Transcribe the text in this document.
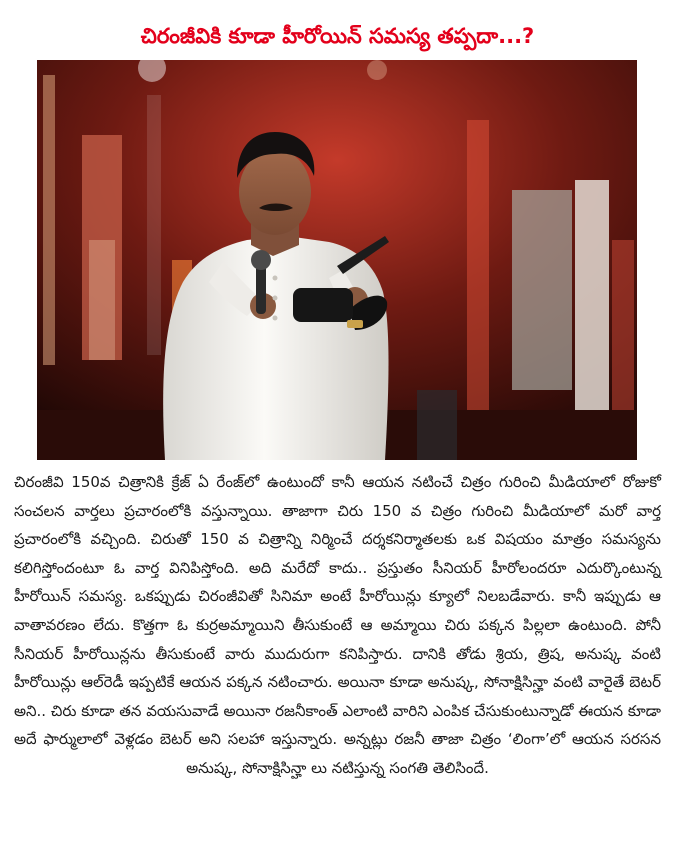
చిరంజీవికి కూడా హీరోయిన్ సమస్య తప్పదా...?

చిరంజీవి 150వ చిత్రానికి క్రేజ్ ఏ రేంజ్‌లో ఉంటుందో కానీ ఆయన నటించే చిత్రం గురించి మీడియాలో రోజుకో సంచలన వార్తలు ప్రచారంలోకి వస్తున్నాయి. తాజాగా చిరు 150 వ చిత్రం గురించి మీడియాలో మరో వార్త ప్రచారంలోకి వచ్చింది. చిరుతో 150 వ చిత్రాన్ని నిర్మించే దర్శకనిర్మాతలకు ఒక విషయం మాత్రం సమస్యను కలిగిస్తోందంటూ ఓ వార్త వినిపిస్తోంది. అది మరేదో కాదు.. ప్రస్తుతం సీనియర్ హీరోలందరూ ఎదుర్కొంటున్న హీరోయిన్ సమస్య. ఒకప్పుడు చిరంజీవితో సినిమా అంటే హీరోయిన్లు క్యూలో నిలబడేవారు. కానీ ఇప్పుడు ఆ వాతావరణం లేదు. కొత్తగా ఓ కుర్రఅమ్మాయిని తీసుకుంటే ఆ అమ్మాయి చిరు పక్కన పిల్లలా ఉంటుంది. పోనీ సీనియర్ హీరోయిన్లను తీసుకుంటే వారు ముదురుగా కనిపిస్తారు. దానికి తోడు శ్రియ, త్రిష, అనుష్క వంటి హీరోయిన్లు ఆల్‌రెడీ ఇప్పటికే ఆయన పక్కన నటించారు. అయినా కూడా అనుష్క, సోనాక్షిసిన్హా వంటి వారైతే బెటర్ అని.. చిరు కూడా తన వయసువాడే అయినా రజనీకాంత్ ఎలాంటి వారిని ఎంపిక చేసుకుంటున్నాడో ఈయన కూడా అదే ఫార్ములాలో వెళ్లడం బెటర్ అని సలహా ఇస్తున్నారు. అన్నట్లు రజనీ తాజా చిత్రం ‘లింగా’లో ఆయన సరసన అనుష్క, సోనాక్షిసిన్హా లు నటిస్తున్న సంగతి తెలిసిందే.
